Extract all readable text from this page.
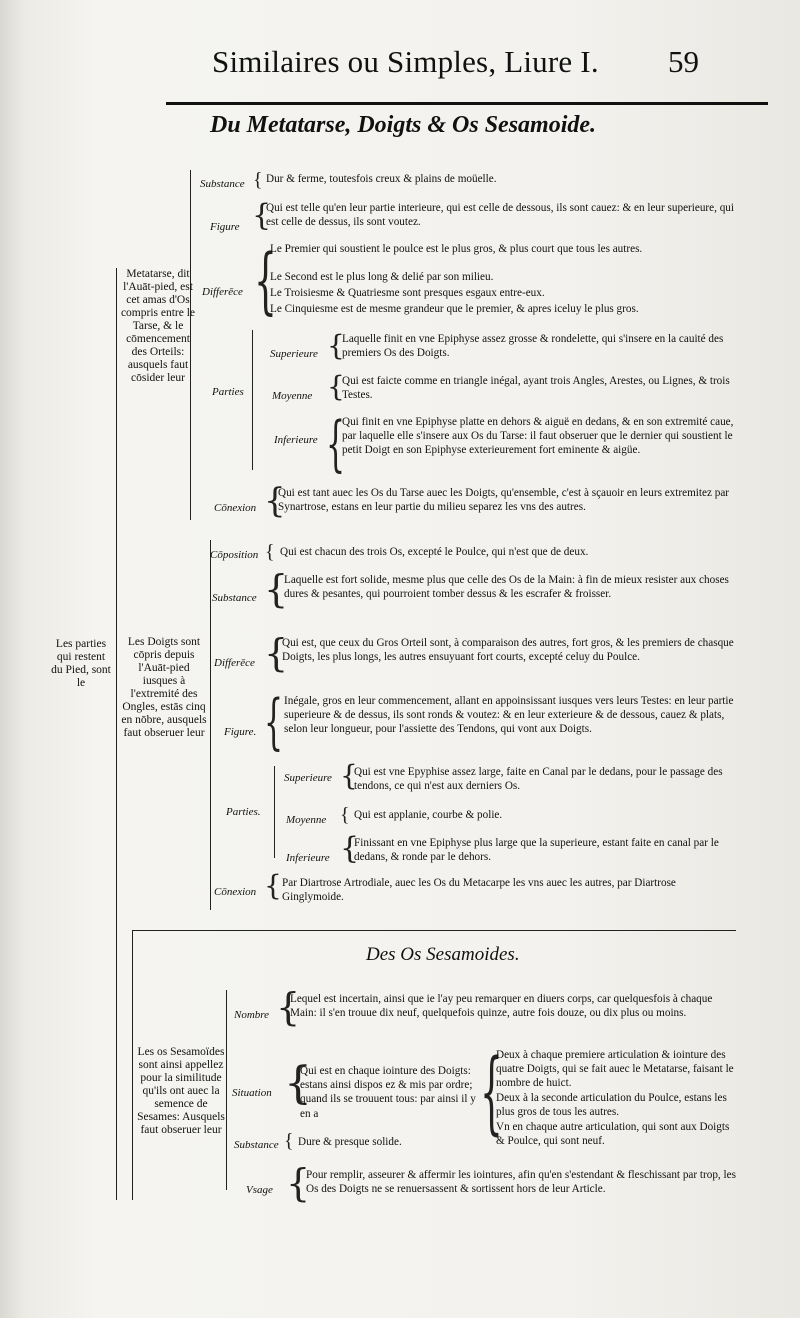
Similaires ou Simples, Liure I. 59
Du Metatarse, Doigts & Os Sesamoide.
Les parties qui restent du Pied, sont le
Metatarse, dit l'Auāt-pied, est cet amas d'Os compris entre le Tarse, & le cōmencement des Orteils: ausquels faut cōsider leur
Substance { Dur & ferme, toutesfois creux & plains de moüelle.
Figure {
Qui est telle qu'en leur partie interieure, qui est celle de dessous, ils sont cauez: & en leur superieure, qui est celle de dessus, ils sont voutez.
Differēce {
Le Premier qui soustient le poulce est le plus gros, & plus court que tous les autres.
Le Second est le plus long & delié par son milieu.
Le Troisiesme & Quatriesme sont presques esgaux entre-eux.
Le Cinquiesme est de mesme grandeur que le premier, & apres iceluy le plus gros.
Parties
Superieure {
Laquelle finit en vne Epiphyse assez grosse & rondelette, qui s'insere en la cauité des premiers Os des Doigts.
Moyenne {
Qui est faicte comme en triangle inégal, ayant trois Angles, Arestes, ou Lignes, & trois Testes.
Inferieure {
Qui finit en vne Epiphyse platte en dehors & aiguë en dedans, & en son extremité caue, par laquelle elle s'insere aux Os du Tarse: il faut obseruer que le dernier qui soustient le petit Doigt en son Epiphyse exterieurement fort eminente & aigüe.
Cōnexion {
Qui est tant auec les Os du Tarse auec les Doigts, qu'ensemble, c'est à sçauoir en leurs extremitez par Synartrose, estans en leur partie du milieu separez les vns des autres.
Les Doigts sont cōpris depuis l'Auāt-pied iusques à l'extremité des Ongles, estās cinq en nōbre, ausquels faut obseruer leur
Cōposition { Qui est chacun des trois Os, excepté le Poulce, qui n'est que de deux.
Substance {
Laquelle est fort solide, mesme plus que celle des Os de la Main: à fin de mieux resister aux choses dures & pesantes, qui pourroient tomber dessus & les escrafer & froisser.
Differēce {
Qui est, que ceux du Gros Orteil sont, à comparaison des autres, fort gros, & les premiers de chasque Doigts, les plus longs, les autres ensuyuant fort courts, excepté celuy du Poulce.
Figure. { Inégale, gros en leur commencement, allant en appoinsissant iusques vers leurs Testes: en leur partie superieure & de dessus, ils sont ronds & voutez: & en leur exterieure & de dessous, cauez & plats, selon leur longueur, pour l'assiette des Tendons, qui vont aux Doigts.
Parties.
Superieure {
Qui est vne Epyphise assez large, faite en Canal par le dedans, pour le passage des tendons, ce qui n'est aux derniers Os.
Moyenne { Qui est applanie, courbe & polie.
Inferieure {
Finissant en vne Epiphyse plus large que la superieure, estant faite en canal par le dedans, & ronde par le dehors.
Cōnexion { Par Diartrose Artrodiale, auec les Os du Metacarpe les vns auec les autres, par Diartrose Ginglymoide.
Des Os Sesamoides.
Les os Sesamoïdes sont ainsi appellez pour la similitude qu'ils ont auec la semence de Sesames: Ausquels faut obseruer leur
Nombre {
Lequel est incertain, ainsi que ie l'ay peu remarquer en diuers corps, car quelquesfois à chaque Main: il s'en trouue dix neuf, quelquefois quinze, autre fois douze, ou dix plus ou moins.
Situation {
Qui est en chaque iointure des Doigts: estans ainsi dispos ez & mis par ordre; quand ils se trouuent tous: par ainsi il y en a	{
Deux à chaque premiere articulation & iointure des quatre Doigts, qui se fait auec le Metatarse, faisant le nombre de huict.
Deux à la seconde articulation du Poulce, estans les plus gros de tous les autres.
Vn en chaque autre articulation, qui sont aux Doigts & Poulce, qui sont neuf.
Substance { Dure & presque solide.
Vsage {
Pour remplir, asseurer & affermir les iointures, afin qu'en s'estendant & fleschissant par trop, les Os des Doigts ne se renuersassent & sortissent hors de leur Article.
